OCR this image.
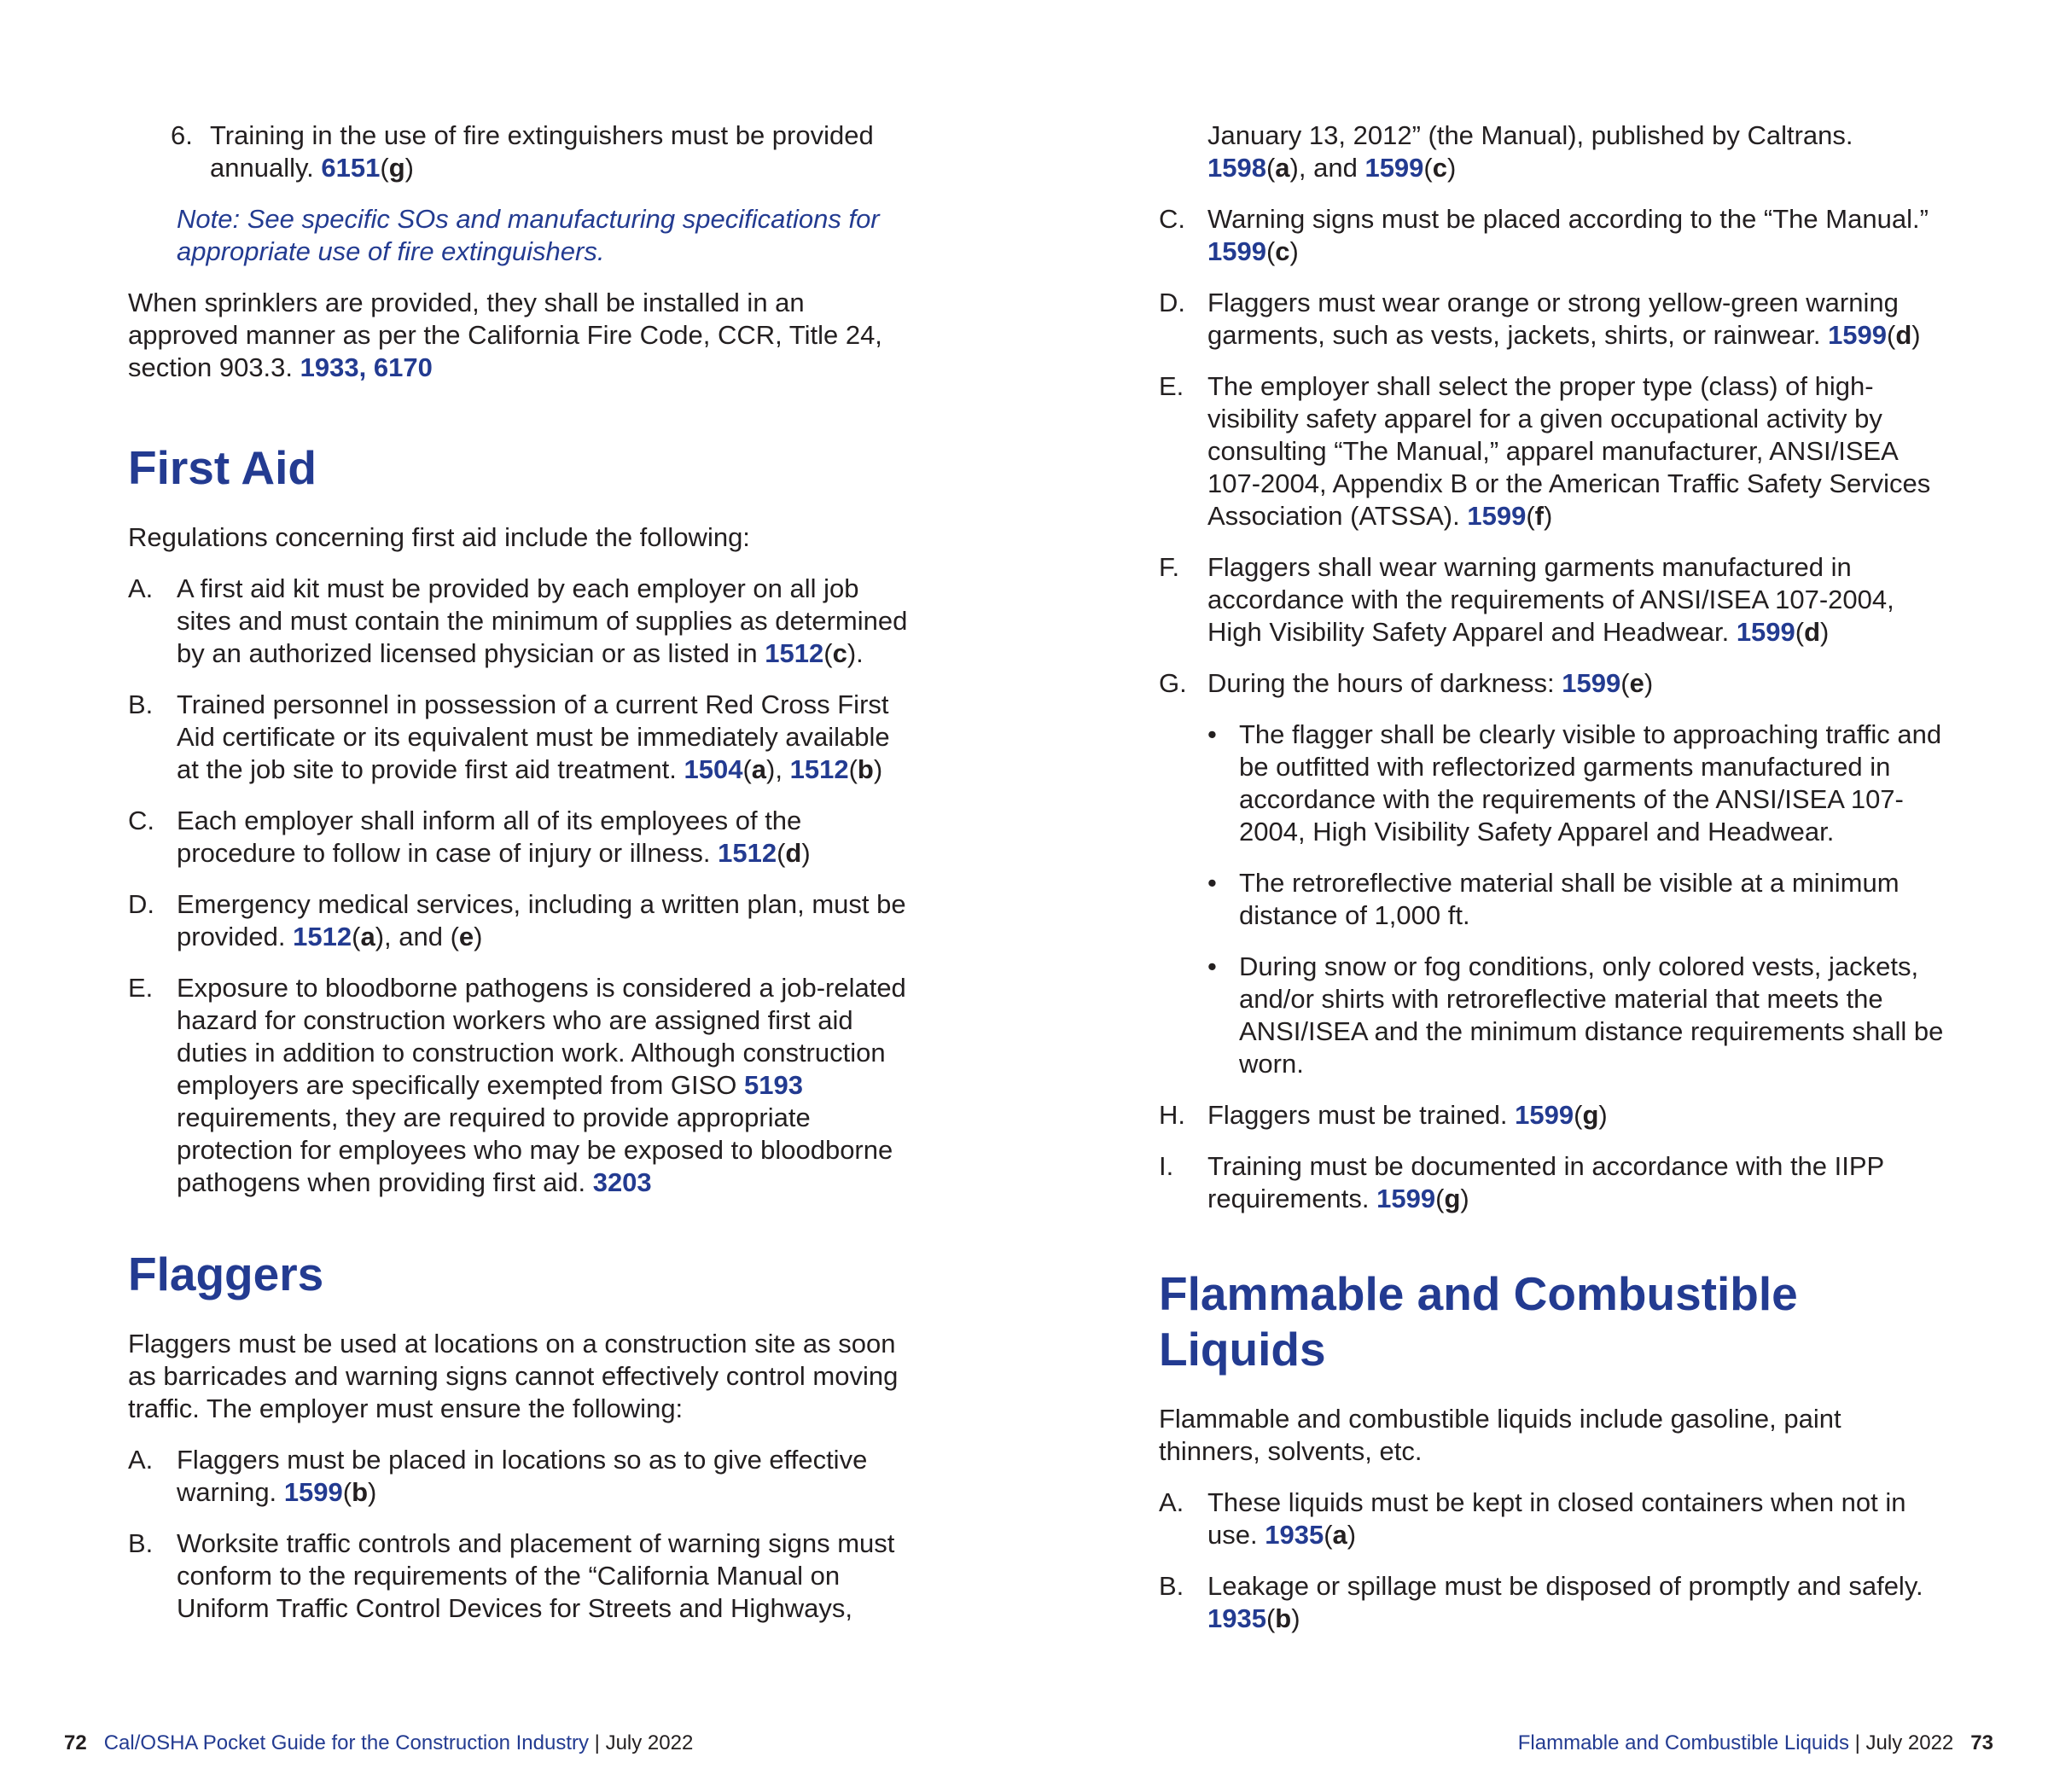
6. Training in the use of fire extinguishers must be provided annually. 6151(g)

Note: See specific SOs and manufacturing specifications for appropriate use of fire extinguishers.

When sprinklers are provided, they shall be installed in an approved manner as per the California Fire Code, CCR, Title 24, section 903.3. 1933, 6170

First Aid

Regulations concerning first aid include the following:

A. A first aid kit must be provided by each employer on all job sites and must contain the minimum of supplies as determined by an authorized licensed physician or as listed in 1512(c).
B. Trained personnel in possession of a current Red Cross First Aid certificate or its equivalent must be immediately available at the job site to provide first aid treatment. 1504(a), 1512(b)
C. Each employer shall inform all of its employees of the procedure to follow in case of injury or illness. 1512(d)
D. Emergency medical services, including a written plan, must be provided. 1512(a), and (e)
E. Exposure to bloodborne pathogens is considered a job-related hazard for construction workers who are assigned first aid duties in addition to construction work. Although construction employers are specifically exempted from GISO 5193 requirements, they are required to provide appropriate protection for employees who may be exposed to bloodborne pathogens when providing first aid. 3203
Flaggers

Flaggers must be used at locations on a construction site as soon as barricades and warning signs cannot effectively control moving traffic. The employer must ensure the following:

A. Flaggers must be placed in locations so as to give effective warning. 1599(b)
B. Worksite traffic controls and placement of warning signs must conform to the requirements of the “California Manual on Uniform Traffic Control Devices for Streets and Highways,
January 13, 2012” (the Manual), published by Caltrans. 1598(a), and 1599(c)
C. Warning signs must be placed according to the “The Manual.” 1599(c)
D. Flaggers must wear orange or strong yellow-green warning garments, such as vests, jackets, shirts, or rainwear. 1599(d)
E. The employer shall select the proper type (class) of high-visibility safety apparel for a given occupational activity by consulting “The Manual,” apparel manufacturer, ANSI/ISEA 107-2004, Appendix B or the American Traffic Safety Services Association (ATSSA). 1599(f)
F.	Flaggers shall wear warning garments manufactured in accordance with the requirements of ANSI/ISEA 107-2004, High Visibility Safety Apparel and Headwear. 1599(d)
G. During the hours of darkness: 1599(e)
• The flagger shall be clearly visible to approaching traffic and be outfitted with reflectorized garments manufactured in accordance with the requirements of the ANSI/ISEA 107-2004, High Visibility Safety Apparel and Headwear.
• The retroreflective material shall be visible at a minimum distance of 1,000 ft.
• During snow or fog conditions, only colored vests, jackets, and/or shirts with retroreflective material that meets the ANSI/ISEA and the minimum distance requirements shall be worn.
H. Flaggers must be trained. 1599(g)
I.	Training must be documented in accordance with the IIPP requirements. 1599(g)
Flammable and Combustible Liquids

Flammable and combustible liquids include gasoline, paint thinners, solvents, etc.

A. These liquids must be kept in closed containers when not in use. 1935(a)
B. Leakage or spillage must be disposed of promptly and safely. 1935(b)
72 Cal/OSHA Pocket Guide for the Construction Industry | July 2022	Flammable and Combustible Liquids | July 2022 73
